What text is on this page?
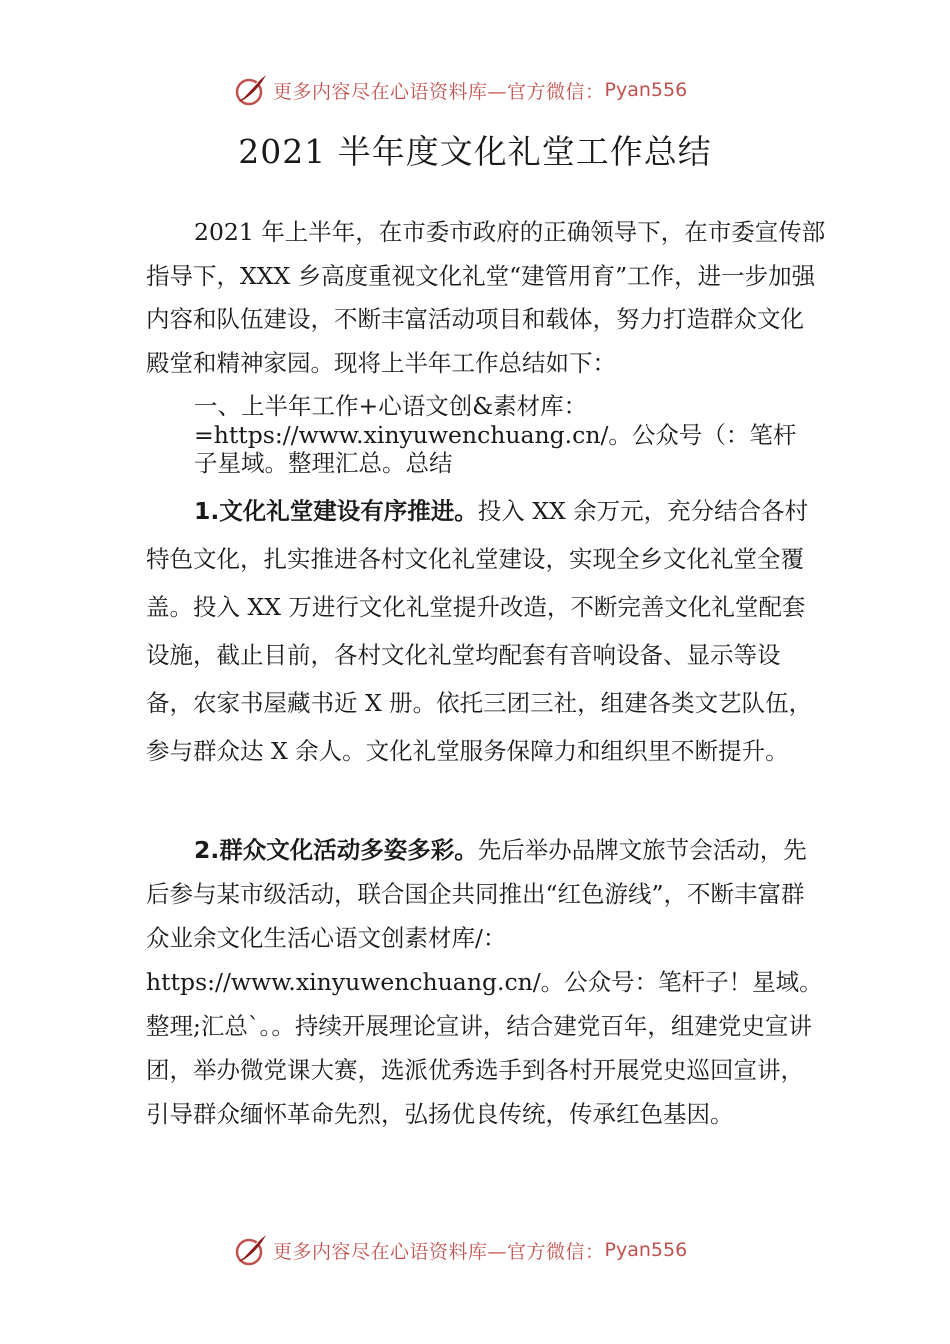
更多内容尽在心语资料库—官方微信： Pyan556
2021 半年度文化礼堂工作总结
2021 年上半年，在市委市政府的正确领导下，在市委宣传部指导下，XXX 乡高度重视文化礼堂“建管用育”工作，进一步加强内容和队伍建设，不断丰富活动项目和载体，努力打造群众文化殿堂和精神家园。现将上半年工作总结如下：
一、上半年工作+心语文创&素材库：=https://www.xinyuwenchuang.cn/。公众号（：笔杆子星域。整理汇总。总结
1.文化礼堂建设有序推进。投入 XX 余万元，充分结合各村特色文化，扎实推进各村文化礼堂建设，实现全乡文化礼堂全覆盖。投入 XX 万进行文化礼堂提升改造，不断完善文化礼堂配套设施，截止目前，各村文化礼堂均配套有音响设备、显示等设备，农家书屋藏书近 X 册。依托三团三社，组建各类文艺队伍，参与群众达 X 余人。文化礼堂服务保障力和组织里不断提升。
2.群众文化活动多姿多彩。先后举办品牌文旅节会活动，先后参与某市级活动，联合国企共同推出“红色游线”，不断丰富群众业余文化生活心语文创素材库/：https://www.xinyuwenchuang.cn/。公众号：笔杆子！星域。整理;汇总`。。持续开展理论宣讲，结合建党百年，组建党史宣讲团，举办微党课大赛，选派优秀选手到各村开展党史巡回宣讲，引导群众缅怀革命先烈，弘扬优良传统，传承红色基因。
更多内容尽在心语资料库—官方微信： Pyan556
